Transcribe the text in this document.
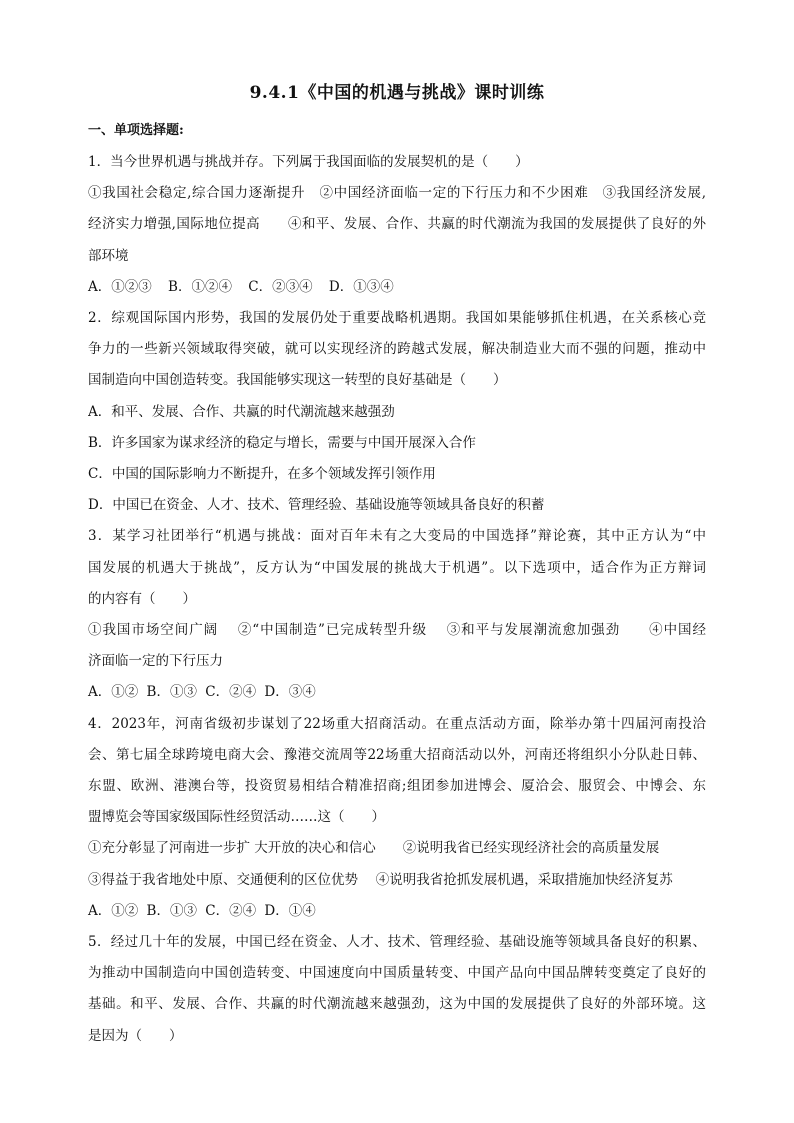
9.4.1《中国的机遇与挑战》课时训练
一、单项选择题:
1．当今世界机遇与挑战并存。下列属于我国面临的发展契机的是（　　）
①我国社会稳定,综合国力逐渐提升　②中国经济面临一定的下行压力和不少困难　③我国经济发展,
经济实力增强,国际地位提高　　④和平、发展、合作、共赢的时代潮流为我国的发展提供了良好的外
部环境
A．①②③ B．①②④ C．②③④ D．①③④
2．综观国际国内形势，我国的发展仍处于重要战略机遇期。我国如果能够抓住机遇，在关系核心竞
争力的一些新兴领域取得突破，就可以实现经济的跨越式发展，解决制造业大而不强的问题，推动中
国制造向中国创造转变。我国能够实现这一转型的良好基础是（　　）
A．和平、发展、合作、共赢的时代潮流越来越强劲
B．许多国家为谋求经济的稳定与增长，需要与中国开展深入合作
C．中国的国际影响力不断提升，在多个领域发挥引领作用
D．中国已在资金、人才、技术、管理经验、基础设施等领域具备良好的积蓄
3．某学习社团举行“机遇与挑战：面对百年未有之大变局的中国选择”辩论赛，其中正方认为“中
国发展的机遇大于挑战”，反方认为“中国发展的挑战大于机遇”。以下选项中，适合作为正方辩词
的内容有（　　）
①我国市场空间广阔　 ②“中国制造”已完成转型升级　 ③和平与发展潮流愈加强劲　　④中国经
济面临一定的下行压力
A．①② B．①③ C．②④ D．③④
4．2023年，河南省级初步谋划了22场重大招商活动。在重点活动方面，除举办第十四届河南投洽
会、第七届全球跨境电商大会、豫港交流周等22场重大招商活动以外，河南还将组织小分队赴日韩、
东盟、欧洲、港澳台等，投资贸易相结合精准招商;组团参加进博会、厦洽会、服贸会、中博会、东
盟博览会等国家级国际性经贸活动……这（　　）
①充分彰显了河南进一步扩 大开放的决心和信心　　②说明我省已经实现经济社会的高质量发展
③得益于我省地处中原、交通便利的区位优势　 ④说明我省抢抓发展机遇，采取措施加快经济复苏
A．①② B．①③ C．②④ D．①④
5．经过几十年的发展，中国已经在资金、人才、技术、管理经验、基础设施等领域具备良好的积累、
为推动中国制造向中国创造转变、中国速度向中国质量转变、中国产品向中国品牌转变奠定了良好的
基础。和平、发展、合作、共赢的时代潮流越来越强劲，这为中国的发展提供了良好的外部环境。这
是因为（　　）
